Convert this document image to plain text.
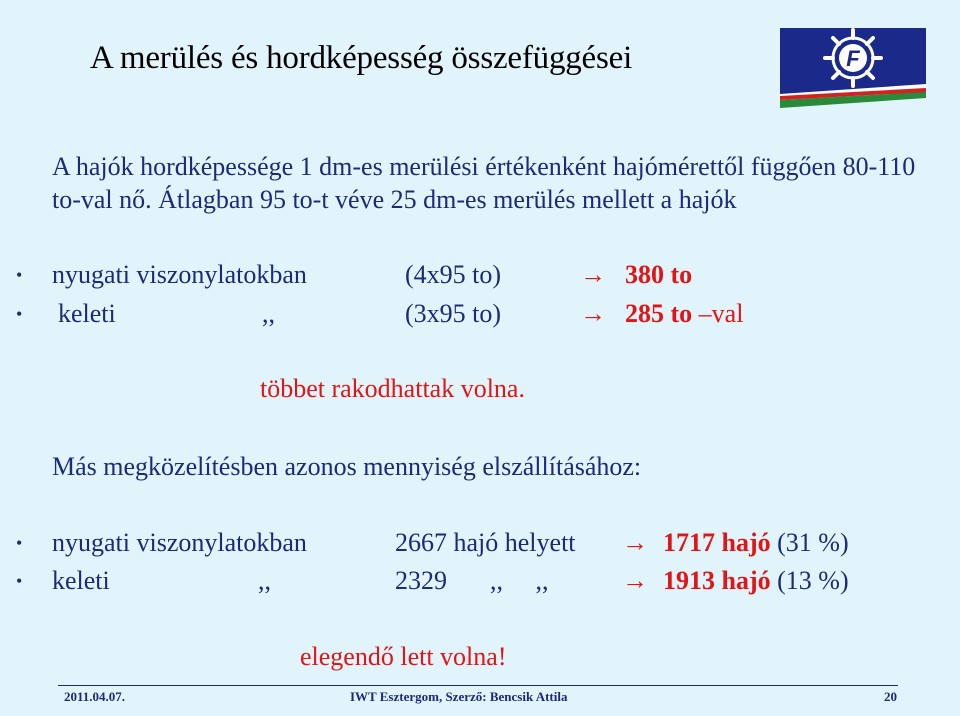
A merülés és hordképesség összefüggései	F
A hajók hordképessége 1 dm-es merülési értékenként hajómérettől függően 80-110 to-val nő. Átlagban 95 to-t véve 25 dm-es merülés mellett a hajók
• nyugati viszonylatokban	(4x95 to)	→ 380 to
• keleti	,,	(3x95 to)	→ 285 to –val
többet rakodhattak volna.
Más megközelítésben azonos mennyiség elszállításához:
• nyugati viszonylatokban	2667 hajó helyett → 1717 hajó (31 %)
• keleti	,,	2329 ,,     ,,	→ 1913 hajó (13 %)
elegendő lett volna!
2011.04.07.	IWT Esztergom, Szerző: Bencsik Attila	20
